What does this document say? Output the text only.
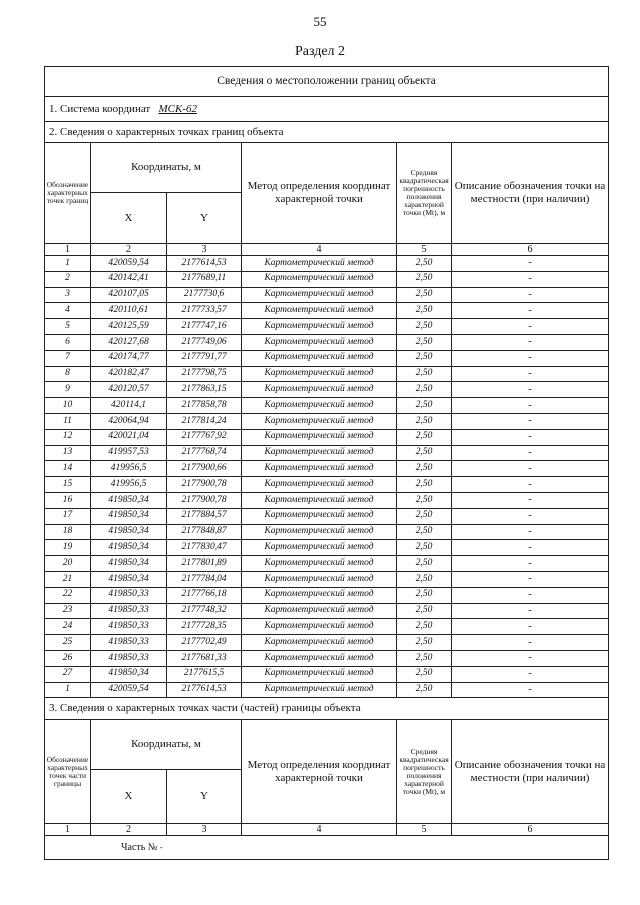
55
Раздел 2
Сведения о местоположении границ объекта					
1. Система координат МСК-62					
2. Сведения о характерных точках границ объекта					
Обозначение характерных точек границ	Координаты, м		Метод определения координат характерной точки	Средняя квадратическая погрешность положения характерной точки (Mt), м	Описание обозначения точки на местности (при наличии)
	X	Y			
1	2	3	4	5	6
1	420059,54	2177614,53	Картометрический метод	2,50	-
2	420142,41	2177689,11	Картометрический метод	2,50	-
3	420107,05	2177730,6	Картометрический метод	2,50	-
4	420110,61	2177733,57	Картометрический метод	2,50	-
5	420125,59	2177747,16	Картометрический метод	2,50	-
6	420127,68	2177749,06	Картометрический метод	2,50	-
7	420174,77	2177791,77	Картометрический метод	2,50	-
8	420182,47	2177798,75	Картометрический метод	2,50	-
9	420120,57	2177863,15	Картометрический метод	2,50	-
10	420114,1	2177858,78	Картометрический метод	2,50	-
11	420064,94	2177814,24	Картометрический метод	2,50	-
12	420021,04	2177767,92	Картометрический метод	2,50	-
13	419957,53	2177768,74	Картометрический метод	2,50	-
14	419956,5	2177900,66	Картометрический метод	2,50	-
15	419956,5	2177900,78	Картометрический метод	2,50	-
16	419850,34	2177900,78	Картометрический метод	2,50	-
17	419850,34	2177884,57	Картометрический метод	2,50	-
18	419850,34	2177848,87	Картометрический метод	2,50	-
19	419850,34	2177830,47	Картометрический метод	2,50	-
20	419850,34	2177801,89	Картометрический метод	2,50	-
21	419850,34	2177784,04	Картометрический метод	2,50	-
22	419850,33	2177766,18	Картометрический метод	2,50	-
23	419850,33	2177748,32	Картометрический метод	2,50	-
24	419850,33	2177728,35	Картометрический метод	2,50	-
25	419850,33	2177702,49	Картометрический метод	2,50	-
26	419850,33	2177681,33	Картометрический метод	2,50	-
27	419850,34	2177615,5	Картометрический метод	2,50	-
1	420059,54	2177614,53	Картометрический метод	2,50	-
3. Сведения о характерных точках части (частей) границы объекта					
Обозначение характерных точек части границы	Координаты, м		Метод определения координат характерной точки	Средняя квадратическая погрешность положения характерной точки (Mt), м	Описание обозначения точки на местности (при наличии)
	X	Y			
1	2	3	4	5	6
Часть № -					
